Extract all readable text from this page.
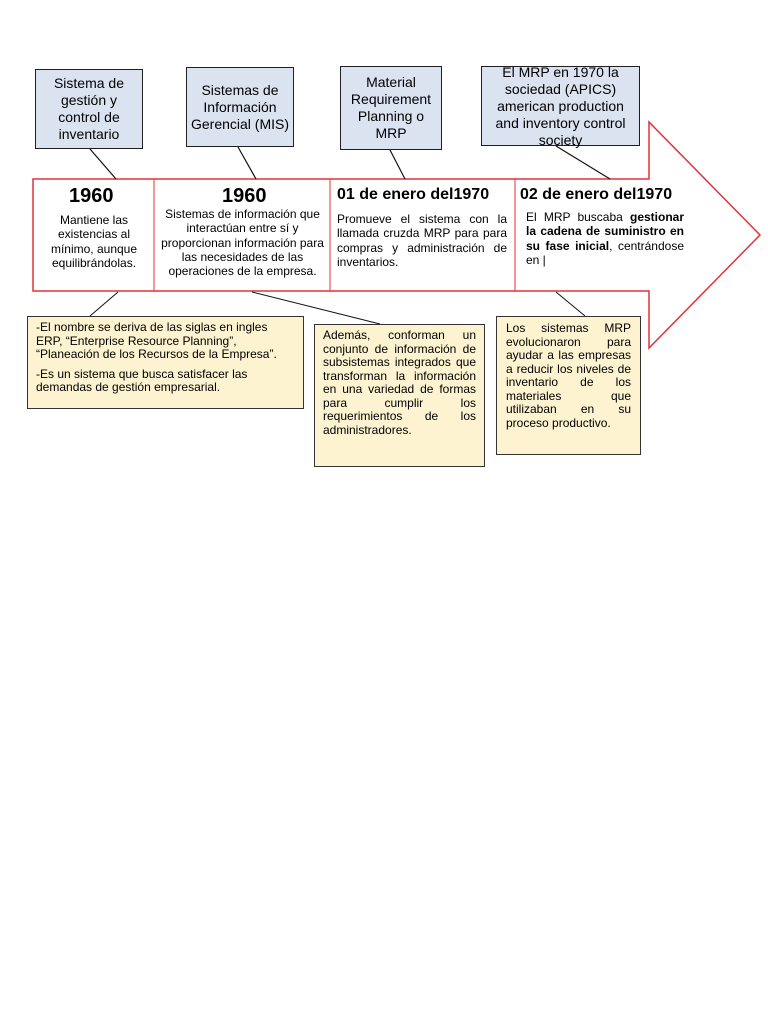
Sistema de gestión y control de inventario
Sistemas de Información Gerencial (MIS)
Material Requirement Planning o MRP
El MRP en 1970 la sociedad (APICS) american production and inventory control society
1960
Mantiene las existencias al mínimo, aunque equilibrándolas.
1960
Sistemas de información que interactúan entre sí y proporcionan información para las necesidades de las operaciones de la empresa.
01 de enero del1970
Promueve el sistema con la llamada cruzda MRP para para compras y administración de inventarios.
02 de enero del1970
El MRP buscaba gestionar la cadena de suministro en su fase inicial, centrándose en |

-El nombre se deriva de las siglas en ingles ERP, “Enterprise Resource Planning”, “Planeación de los Recursos de la Empresa”.

-Es un sistema que busca satisfacer las demandas de gestión empresarial.

Además, conforman un conjunto de información de subsistemas integrados que transforman la información en una variedad de formas para cumplir los requerimientos de los administradores.
Los sistemas MRP evolucionaron para ayudar a las empresas a reducir los niveles de inventario de los materiales que utilizaban en su proceso productivo.
